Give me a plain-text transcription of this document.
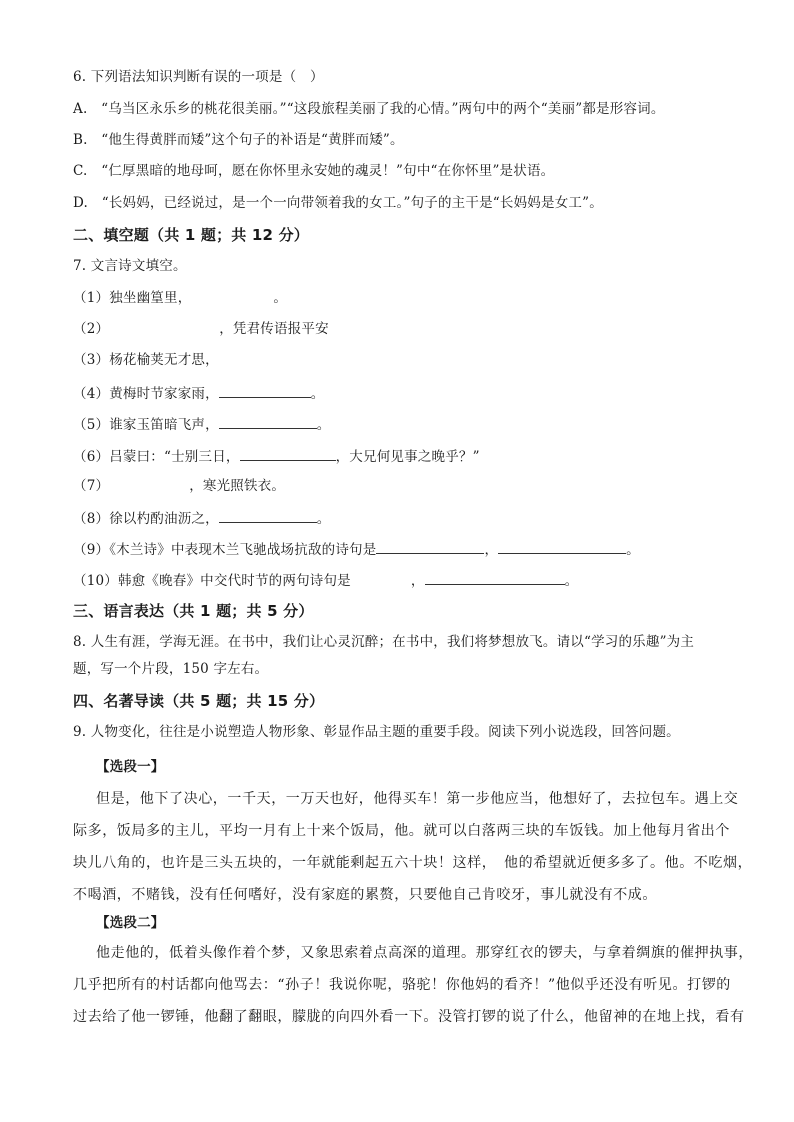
6. 下列语法知识判断有误的一项是（　）
A.　“乌当区永乐乡的桃花很美丽。”“这段旅程美丽了我的心情。”两句中的两个“美丽”都是形容词。
B.　“他生得黄胖而矮”这个句子的补语是“黄胖而矮”。
C.　“仁厚黑暗的地母呵，愿在你怀里永安她的魂灵！”句中“在你怀里”是状语。
D.　“长妈妈，已经说过，是一个一向带领着我的女工。”句子的主干是“长妈妈是女工”。
二、填空题（共 1 题；共 12 分）
7. 文言诗文填空。
（1）独坐幽篁里，	。
（2）	，凭君传语报平安
（3）杨花榆荚无才思，
（4）黄梅时节家家雨，	。
（5）谁家玉笛暗飞声，	。
（6）吕蒙曰：“士别三日，	，大兄何见事之晚乎？”
（7）	，寒光照铁衣。
（8）徐以杓酌油沥之，	。
（9）《木兰诗》中表现木兰飞驰战场抗敌的诗句是	，	。
（10）韩愈《晚春》中交代时节的两句诗句是	，	。
三、语言表达（共 1 题；共 5 分）
8. 人生有涯，学海无涯。在书中，我们让心灵沉醉；在书中，我们将梦想放飞。请以“学习的乐趣”为主
题，写一个片段，150 字左右。
四、名著导读（共 5 题；共 15 分）
9. 人物变化，往往是小说塑造人物形象、彰显作品主题的重要手段。阅读下列小说选段，回答问题。
【选段一】
但是，他下了决心，一千天，一万天也好，他得买车！第一步他应当，他想好了，去拉包车。遇上交
际多，饭局多的主儿，平均一月有上十来个饭局，他。就可以白落两三块的车饭钱。加上他每月省出个
块儿八角的，也许是三头五块的，一年就能剩起五六十块！这样，　他的希望就近便多多了。他。不吃烟，
不喝酒，不赌钱，没有任何嗜好，没有家庭的累赘，只要他自己肯咬牙，事儿就没有不成。
【选段二】
他走他的，低着头像作着个梦，又象思索着点高深的道理。那穿红衣的锣夫，与拿着绸旗的催押执事，
几乎把所有的村话都向他骂去：“孙子！我说你呢，骆驼！你他妈的看齐！”他似乎还没有听见。打锣的
过去给了他一锣锤，他翻了翻眼，朦胧的向四外看一下。没管打锣的说了什么，他留神的在地上找，看有
